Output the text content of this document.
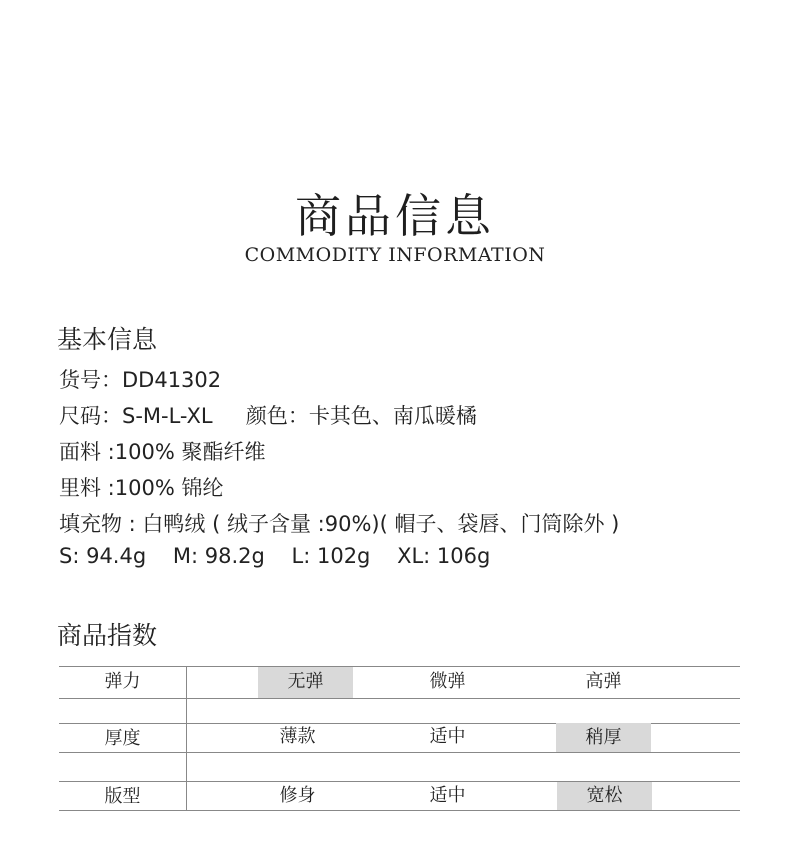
商品信息
COMMODITY INFORMATION
基本信息
货号：DD41302
尺码：S-M-L-XL     颜色：卡其色、南瓜暖橘
面料 :100% 聚酯纤维
里料 :100% 锦纶
填充物 : 白鸭绒 ( 绒子含量 :90%)( 帽子、袋唇、门筒除外 )
S: 94.4g    M: 98.2g    L: 102g    XL: 106g
商品指数
弹力	无弹	微弹	高弹
厚度	薄款	适中	稍厚
版型	修身	适中	宽松
